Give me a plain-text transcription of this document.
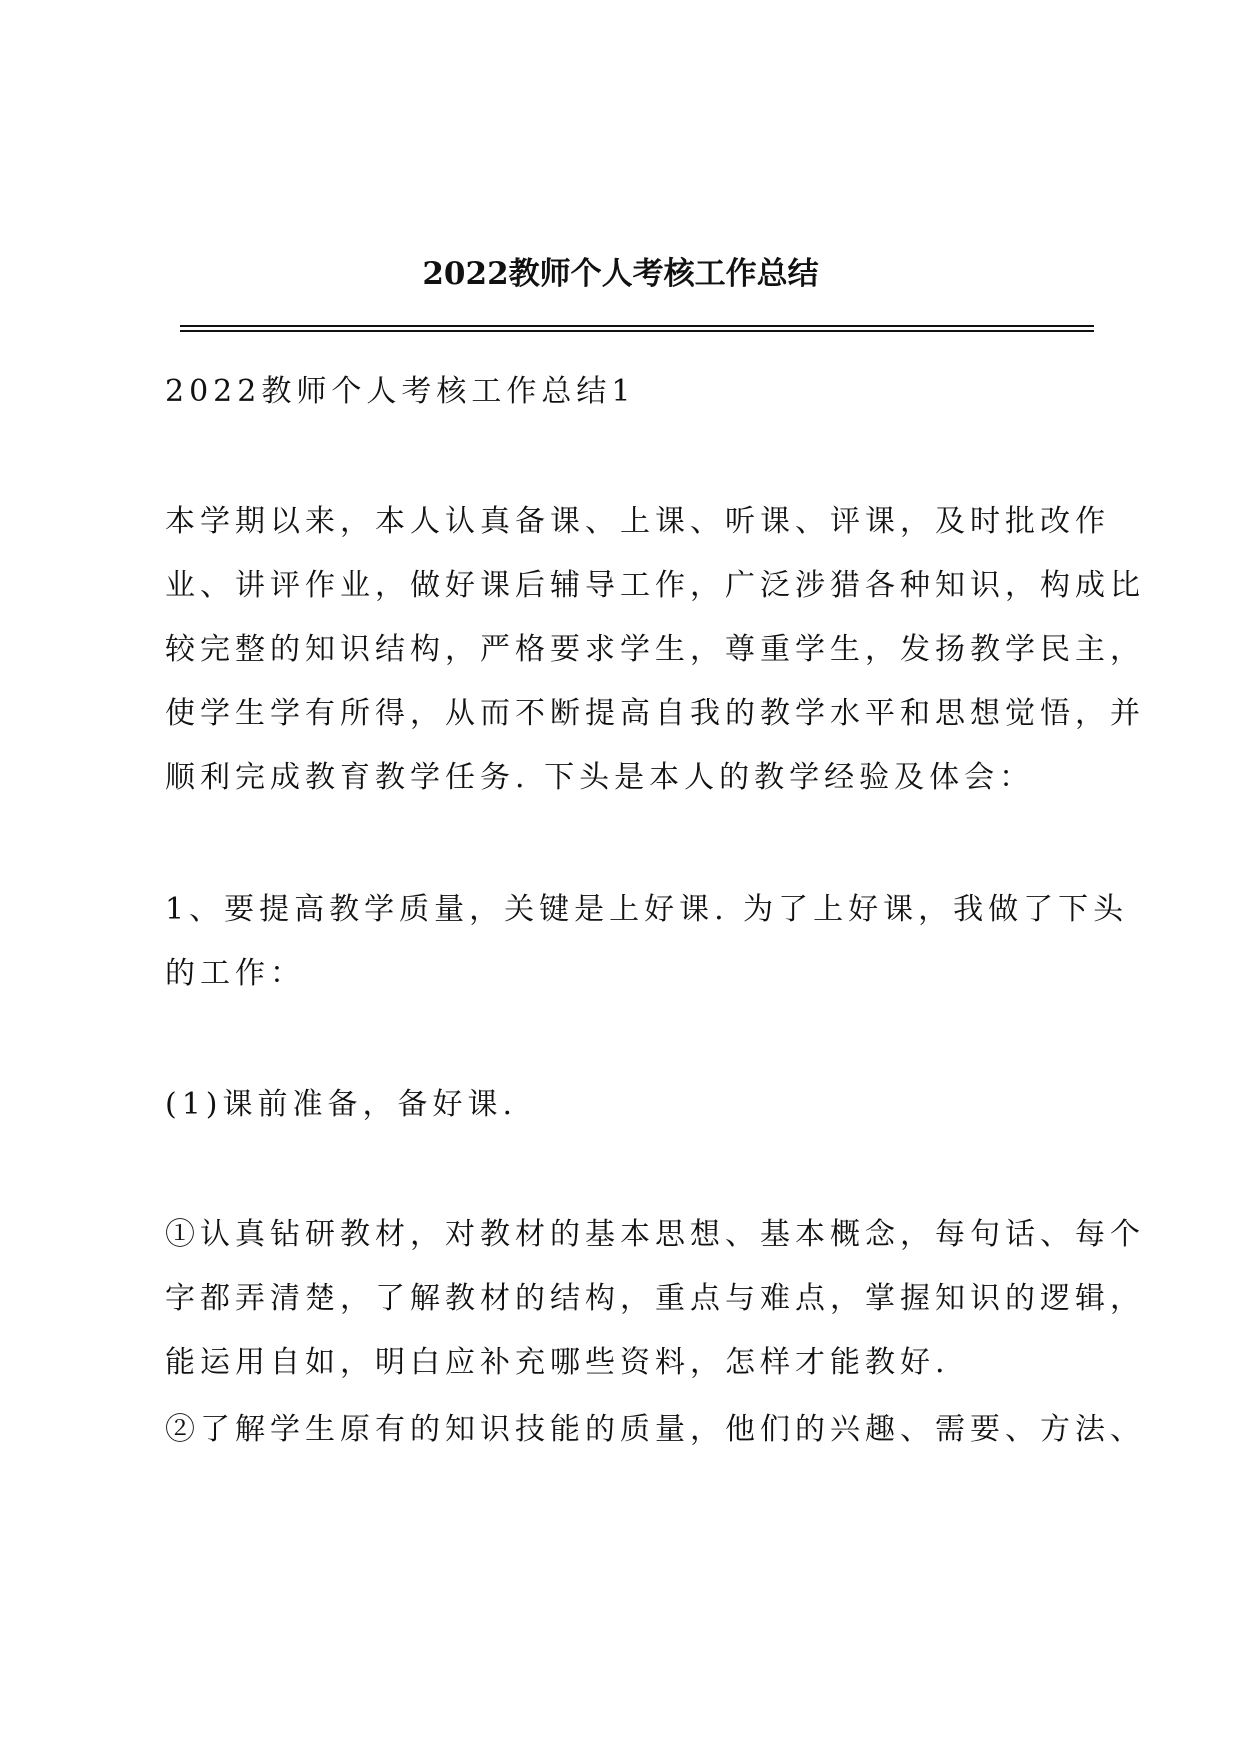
2022教师个人考核工作总结
2022教师个人考核工作总结1
本学期以来，本人认真备课、上课、听课、评课，及时批改作
业、讲评作业，做好课后辅导工作，广泛涉猎各种知识，构成比
较完整的知识结构，严格要求学生，尊重学生，发扬教学民主，
使学生学有所得，从而不断提高自我的教学水平和思想觉悟，并
顺利完成教育教学任务. 下头是本人的教学经验及体会：
1、要提高教学质量，关键是上好课. 为了上好课，我做了下头
的工作：
(1)课前准备，备好课.
①认真钻研教材，对教材的基本思想、基本概念，每句话、每个
字都弄清楚，了解教材的结构，重点与难点，掌握知识的逻辑，
能运用自如，明白应补充哪些资料，怎样才能教好.
②了解学生原有的知识技能的质量，他们的兴趣、需要、方法、
